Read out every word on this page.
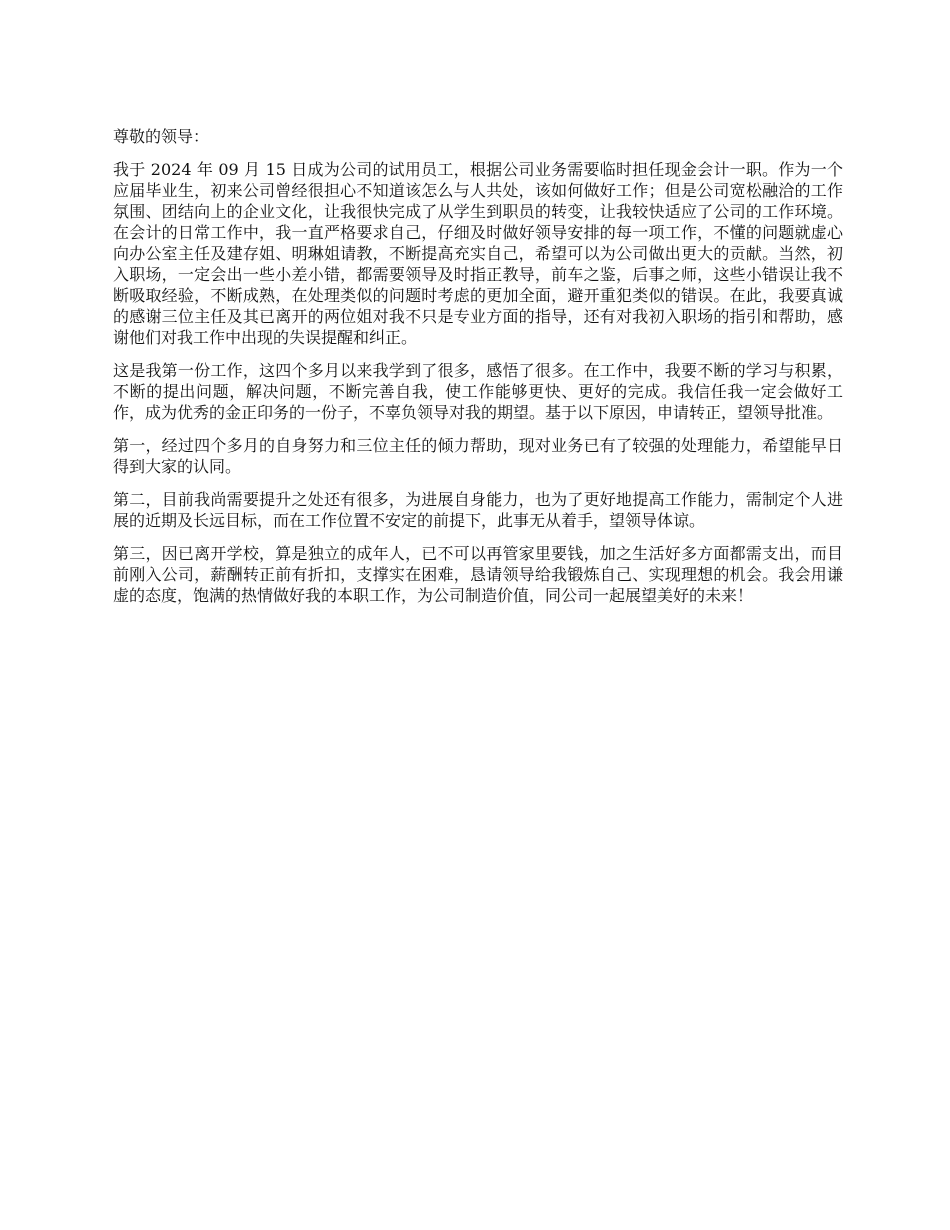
尊敬的领导：

我于 2024 年 09 月 15 日成为公司的试用员工，根据公司业务需要临时担任现金会计一职。作为一个应届毕业生，初来公司曾经很担心不知道该怎么与人共处，该如何做好工作；但是公司宽松融洽的工作氛围、团结向上的企业文化，让我很快完成了从学生到职员的转变，让我较快适应了公司的工作环境。在会计的日常工作中，我一直严格要求自己，仔细及时做好领导安排的每一项工作，不懂的问题就虚心向办公室主任及建存姐、明琳姐请教，不断提高充实自己，希望可以为公司做出更大的贡献。当然，初入职场，一定会出一些小差小错，都需要领导及时指正教导，前车之鉴，后事之师，这些小错误让我不断吸取经验，不断成熟，在处理类似的问题时考虑的更加全面，避开重犯类似的错误。在此，我要真诚的感谢三位主任及其已离开的两位姐对我不只是专业方面的指导，还有对我初入职场的指引和帮助，感谢他们对我工作中出现的失误提醒和纠正。

这是我第一份工作，这四个多月以来我学到了很多，感悟了很多。在工作中，我要不断的学习与积累，不断的提出问题，解决问题，不断完善自我，使工作能够更快、更好的完成。我信任我一定会做好工作，成为优秀的金正印务的一份子，不辜负领导对我的期望。基于以下原因，申请转正，望领导批准。

第一，经过四个多月的自身努力和三位主任的倾力帮助，现对业务已有了较强的处理能力，希望能早日得到大家的认同。

第二，目前我尚需要提升之处还有很多，为进展自身能力，也为了更好地提高工作能力，需制定个人进展的近期及长远目标，而在工作位置不安定的前提下，此事无从着手，望领导体谅。

第三，因已离开学校，算是独立的成年人，已不可以再管家里要钱，加之生活好多方面都需支出，而目前刚入公司，薪酬转正前有折扣，支撑实在困难，恳请领导给我锻炼自己、实现理想的机会。我会用谦虚的态度，饱满的热情做好我的本职工作，为公司制造价值，同公司一起展望美好的未来！
